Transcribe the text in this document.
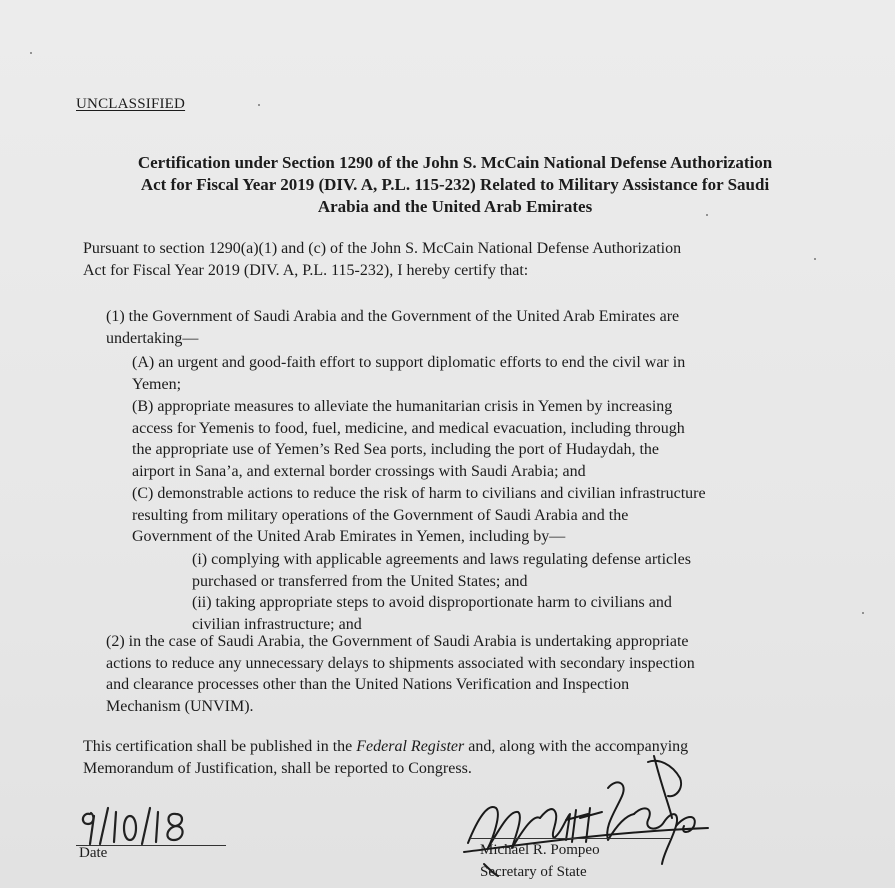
UNCLASSIFIED
Certification under Section 1290 of the John S. McCain National Defense Authorization
Act for Fiscal Year 2019 (DIV. A, P.L. 115-232) Related to Military Assistance for Saudi
Arabia and the United Arab Emirates
Pursuant to section 1290(a)(1) and (c) of the John S. McCain National Defense Authorization
Act for Fiscal Year 2019 (DIV. A, P.L. 115-232), I hereby certify that:
(1) the Government of Saudi Arabia and the Government of the United Arab Emirates are
undertaking—
(A) an urgent and good-faith effort to support diplomatic efforts to end the civil war in
Yemen;
(B) appropriate measures to alleviate the humanitarian crisis in Yemen by increasing
access for Yemenis to food, fuel, medicine, and medical evacuation, including through
the appropriate use of Yemen’s Red Sea ports, including the port of Hudaydah, the
airport in Sana’a, and external border crossings with Saudi Arabia; and
(C) demonstrable actions to reduce the risk of harm to civilians and civilian infrastructure
resulting from military operations of the Government of Saudi Arabia and the
Government of the United Arab Emirates in Yemen, including by—
(i) complying with applicable agreements and laws regulating defense articles
purchased or transferred from the United States; and
(ii) taking appropriate steps to avoid disproportionate harm to civilians and
civilian infrastructure; and
(2) in the case of Saudi Arabia, the Government of Saudi Arabia is undertaking appropriate
actions to reduce any unnecessary delays to shipments associated with secondary inspection
and clearance processes other than the United Nations Verification and Inspection
Mechanism (UNVIM).
This certification shall be published in the Federal Register and, along with the accompanying
Memorandum of Justification, shall be reported to Congress.
Date	Michael R. Pompeo
Secretary of State
